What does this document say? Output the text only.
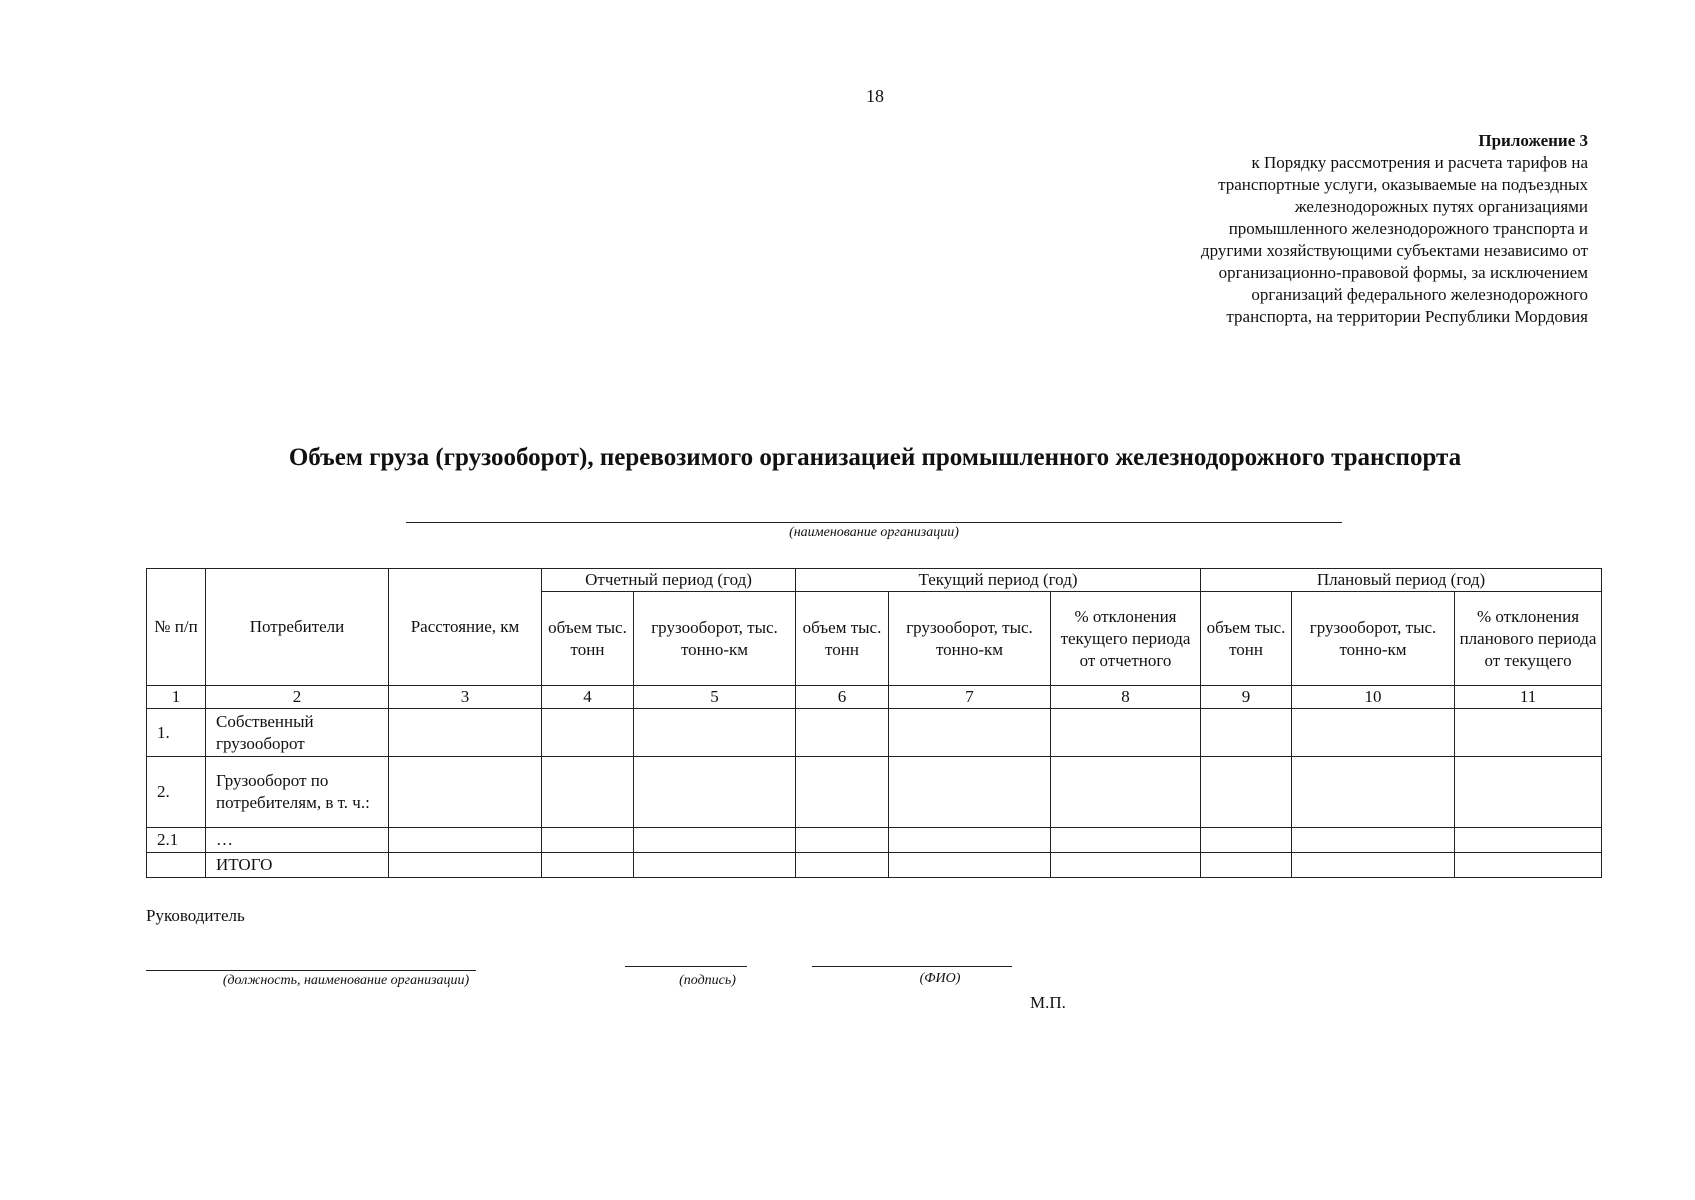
18
Приложение 3
к Порядку рассмотрения и расчета тарифов на
транспортные услуги, оказываемые на подъездных
железнодорожных путях организациями
промышленного железнодорожного транспорта и
другими хозяйствующими субъектами независимо от
организационно-правовой формы, за исключением
организаций федерального железнодорожного
транспорта, на территории Республики Мордовия
Объем груза (грузооборот), перевозимого организацией промышленного железнодорожного транспорта
(наименование организации)
№ п/п	Потребители	Расстояние, км	Отчетный период (год)		Текущий период (год)			Плановый период (год)		
			объем тыс. тонн	грузооборот, тыс. тонно-км	объем тыс. тонн	грузооборот, тыс. тонно-км	% отклонения текущего периода от отчетного	объем тыс. тонн	грузооборот, тыс. тонно-км	% отклонения планового периода от текущего
1	2	3	4	5	6	7	8	9	10	11
1.	Собственный грузооборот									
2.	Грузооборот по потребителям, в т. ч.:									
2.1	…									
	ИТОГО									
Руководитель
(должность, наименование организации)	(подпись)	(ФИО)
М.П.
